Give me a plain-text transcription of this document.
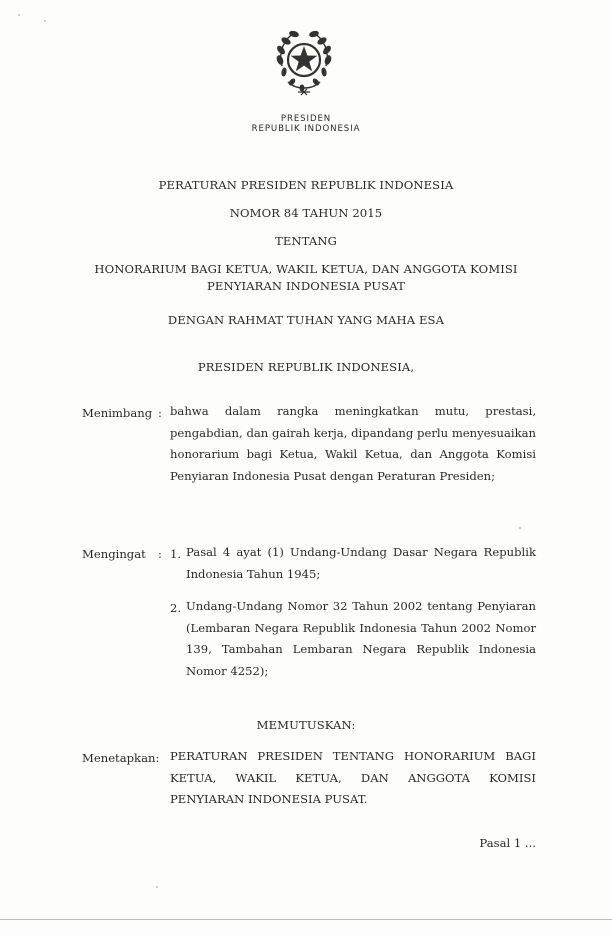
PRESIDEN
REPUBLIK INDONESIA
PERATURAN PRESIDEN REPUBLIK INDONESIA
NOMOR 84 TAHUN 2015
TENTANG
HONORARIUM BAGI KETUA, WAKIL KETUA, DAN ANGGOTA KOMISI
PENYIARAN INDONESIA PUSAT
DENGAN RAHMAT TUHAN YANG MAHA ESA
PRESIDEN REPUBLIK INDONESIA,
Menimbang : bahwa dalam rangka meningkatkan mutu, prestasi, pengabdian, dan gairah kerja, dipandang perlu menyesuaikan honorarium bagi Ketua, Wakil Ketua, dan Anggota Komisi Penyiaran Indonesia Pusat dengan Peraturan Presiden;
Mengingat : 1. Pasal 4 ayat (1) Undang-Undang Dasar Negara Republik Indonesia Tahun 1945;
2. Undang-Undang Nomor 32 Tahun 2002 tentang Penyiaran (Lembaran Negara Republik Indonesia Tahun 2002 Nomor 139, Tambahan Lembaran Negara Republik Indonesia Nomor 4252);
MEMUTUSKAN:
Menetapkan: PERATURAN PRESIDEN TENTANG HONORARIUM BAGI KETUA, WAKIL KETUA, DAN ANGGOTA KOMISI PENYIARAN INDONESIA PUSAT.
Pasal 1 ...
